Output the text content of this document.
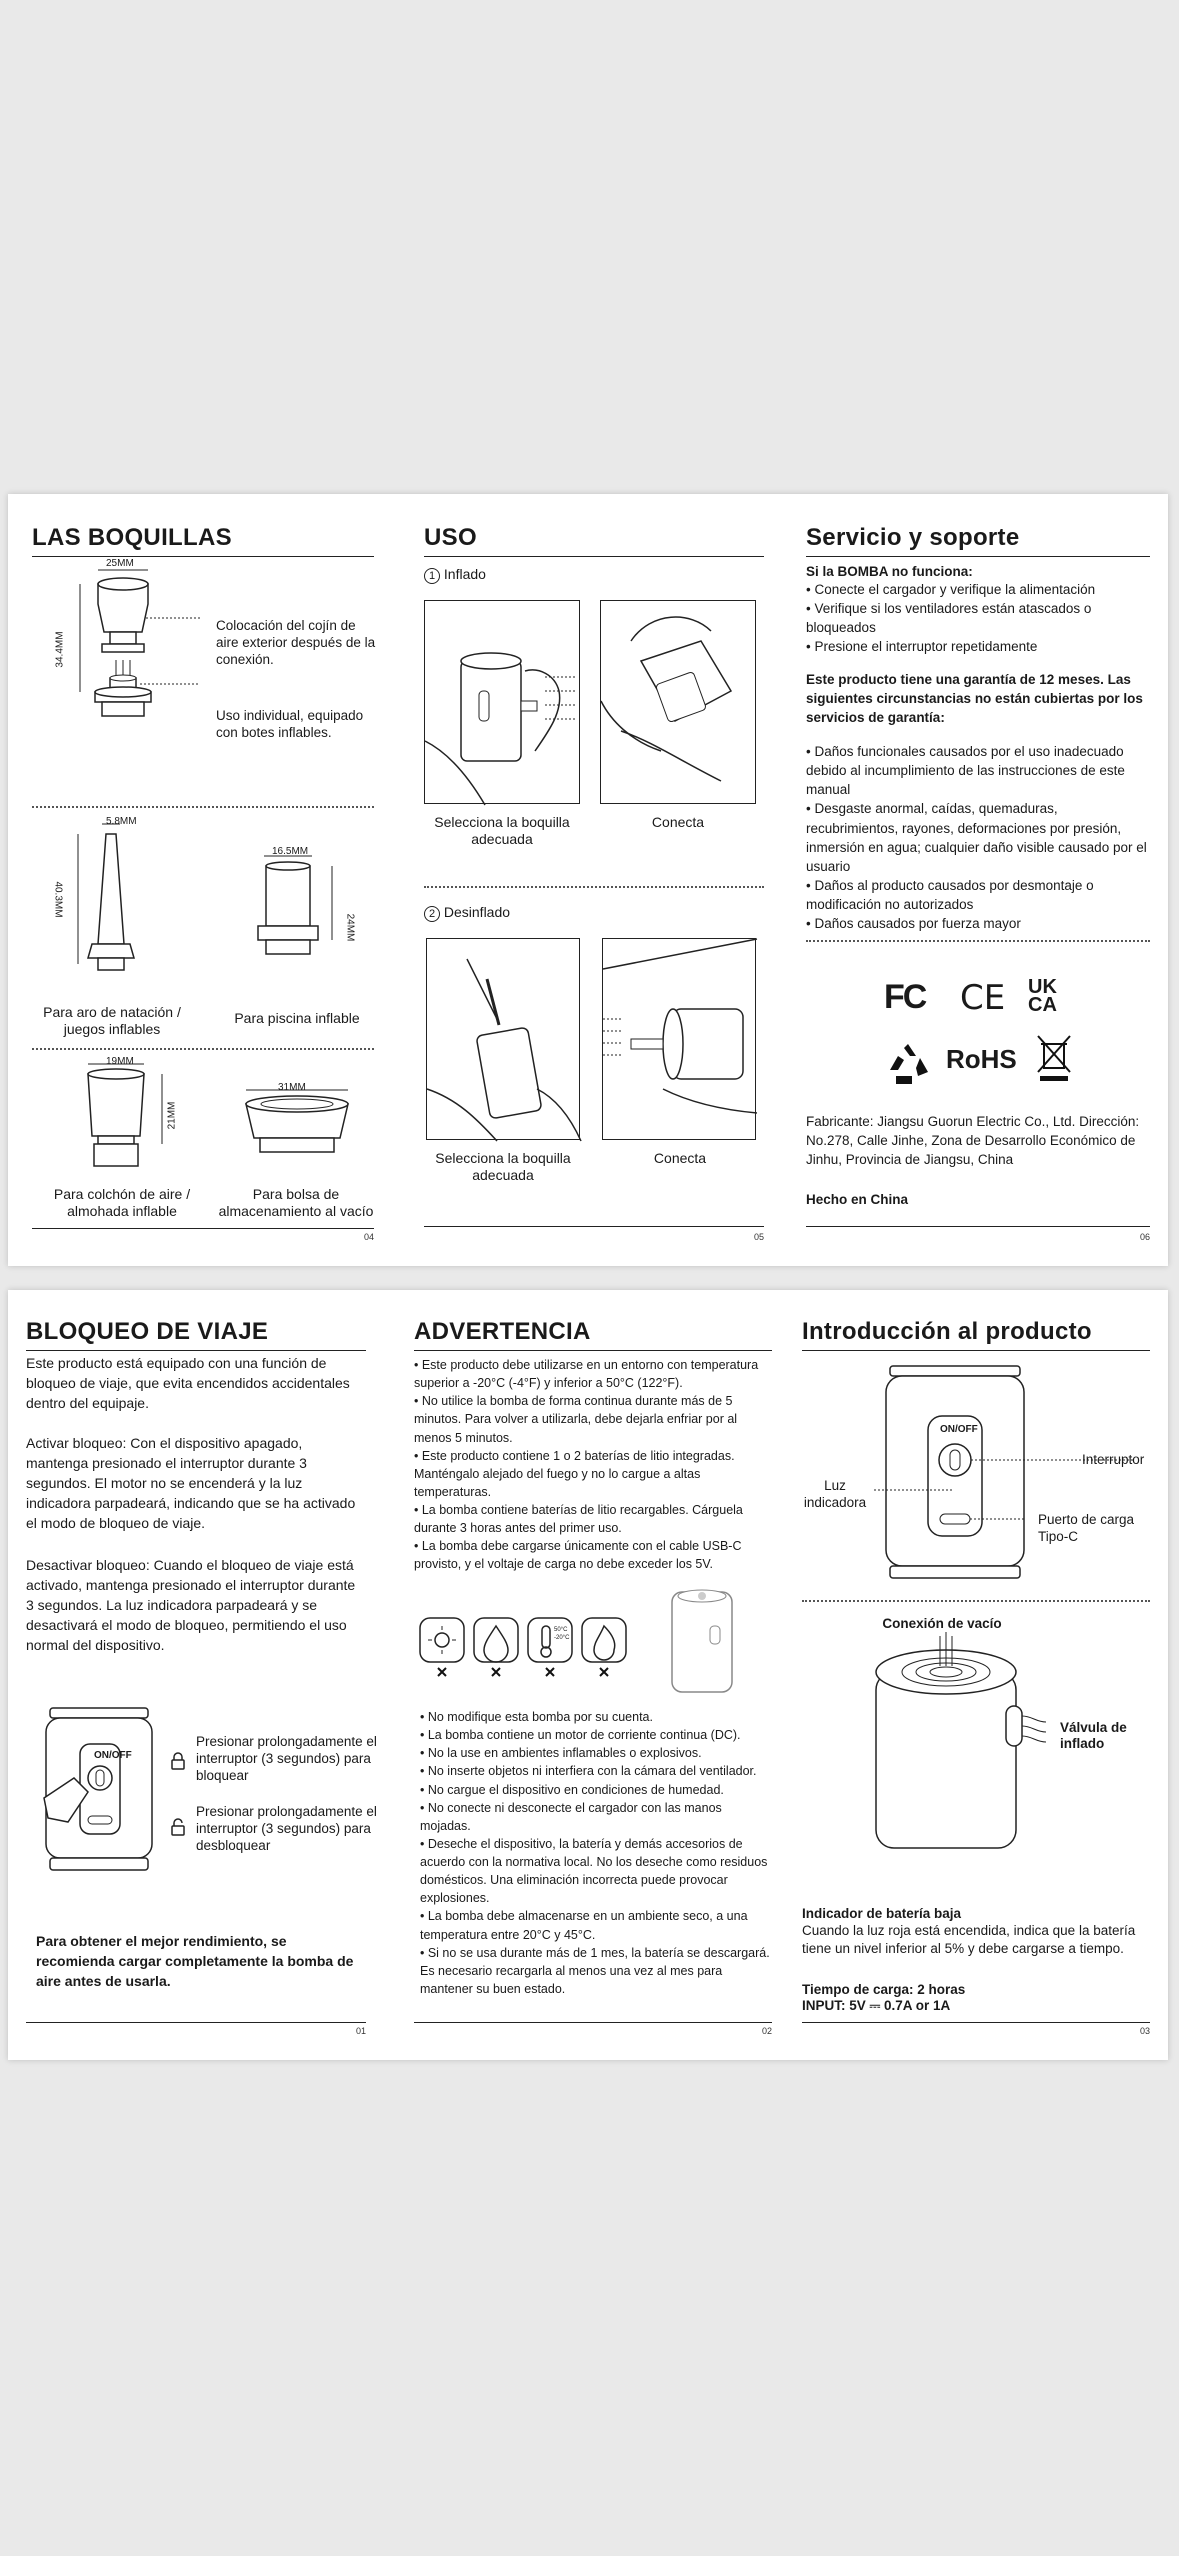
LAS BOQUILLAS
25MM
34.4MM
Colocación del cojín de aire exterior después de la conexión.
Uso individual, equipado con botes inflables.
5.8MM
40.3MM
Para aro de natación / juegos inflables
16.5MM
24MM
Para piscina inflable
19MM
21MM
Para colchón de aire / almohada inflable
31MM
Para bolsa de almacenamiento al vacío
04
USO
1 Inflado
Selecciona la boquilla adecuada
Conecta
2 Desinflado
Selecciona la boquilla adecuada
Conecta
05
Servicio y soporte
Si la BOMBA no funciona:
• Conecte el cargador y verifique la alimentación
• Verifique si los ventiladores están atascados o bloqueados
• Presione el interruptor repetidamente
Este producto tiene una garantía de 12 meses. Las siguientes circunstancias no están cubiertas por los servicios de garantía:
• Daños funcionales causados por el uso inadecuado debido al incumplimiento de las instrucciones de este manual
• Desgaste anormal, caídas, quemaduras, recubrimientos, rayones, deformaciones por presión, inmersión en agua; cualquier daño visible causado por el usuario
• Daños al producto causados por desmontaje o modificación no autorizados
• Daños causados por fuerza mayor
FC CE UK
CA
RoHS
Fabricante: Jiangsu Guorun Electric Co., Ltd. Dirección: No.278, Calle Jinhe, Zona de Desarrollo Económico de Jinhu, Provincia de Jiangsu, China
Hecho en China
06
BLOQUEO DE VIAJE
Este producto está equipado con una función de bloqueo de viaje, que evita encendidos accidentales dentro del equipaje.
Activar bloqueo: Con el dispositivo apagado, mantenga presionado el interruptor durante 3 segundos. El motor no se encenderá y la luz indicadora parpadeará, indicando que se ha activado el modo de bloqueo de viaje.
Desactivar bloqueo: Cuando el bloqueo de viaje está activado, mantenga presionado el interruptor durante 3 segundos. La luz indicadora parpadeará y se desactivará el modo de bloqueo, permitiendo el uso normal del dispositivo.
ON/OFF
Presionar prolongadamente el interruptor (3 segundos) para bloquear
Presionar prolongadamente el interruptor (3 segundos) para desbloquear
Para obtener el mejor rendimiento, se recomienda cargar completamente la bomba de aire antes de usarla.
01
ADVERTENCIA
• Este producto debe utilizarse en un entorno con temperatura superior a -20°C (-4°F) y inferior a 50°C (122°F).
• No utilice la bomba de forma continua durante más de 5 minutos. Para volver a utilizarla, debe dejarla enfriar por al menos 5 minutos.
• Este producto contiene 1 o 2 baterías de litio integradas. Manténgalo alejado del fuego y no lo cargue a altas temperaturas.
• La bomba contiene baterías de litio recargables. Cárguela durante 3 horas antes del primer uso.
• La bomba debe cargarse únicamente con el cable USB-C provisto, y el voltaje de carga no debe exceder los 5V.
50°C
-20°C
• No modifique esta bomba por su cuenta.
• La bomba contiene un motor de corriente continua (DC).
• No la use en ambientes inflamables o explosivos.
• No inserte objetos ni interfiera con la cámara del ventilador.
• No cargue el dispositivo en condiciones de humedad.
• No conecte ni desconecte el cargador con las manos mojadas.
• Deseche el dispositivo, la batería y demás accesorios de acuerdo con la normativa local. No los deseche como residuos domésticos. Una eliminación incorrecta puede provocar explosiones.
• La bomba debe almacenarse en un ambiente seco, a una temperatura entre 20°C y 45°C.
• Si no se usa durante más de 1 mes, la batería se descargará. Es necesario recargarla al menos una vez al mes para mantener su buen estado.
02
Introducción al producto
ON/OFF
Interruptor
Luz indicadora
Puerto de carga Tipo-C
Conexión de vacío
Válvula de inflado
Indicador de batería baja
Cuando la luz roja está encendida, indica que la batería tiene un nivel inferior al 5% y debe cargarse a tiempo.
Tiempo de carga: 2 horas
INPUT: 5V ⎓ 0.7A or 1A
03
